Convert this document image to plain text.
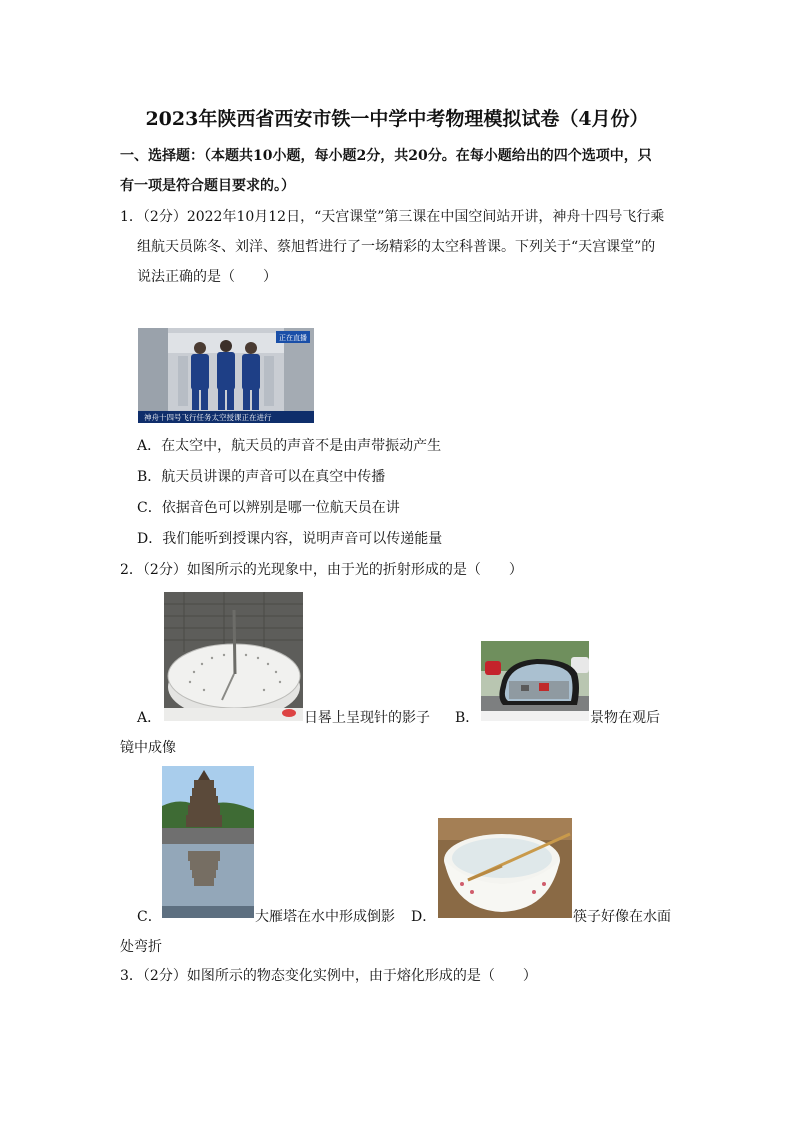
2023年陕西省西安市铁一中学中考物理模拟试卷（4月份）
一、选择题：（本题共10小题，每小题2分，共20分。在每小题给出的四个选项中，只
有一项是符合题目要求的。）
1．（2分）2022年10月12日，“天宫课堂”第三课在中国空间站开讲，神舟十四号飞行乘
组航天员陈冬、刘洋、蔡旭哲进行了一场精彩的太空科普课。下列关于“天宫课堂”的
说法正确的是（　　）
正在直播
神舟十四号飞行任务太空授课正在进行
A．在太空中，航天员的声音不是由声带振动产生
B．航天员讲课的声音可以在真空中传播
C．依据音色可以辨别是哪一位航天员在讲
D．我们能听到授课内容，说明声音可以传递能量
2．（2分）如图所示的光现象中，由于光的折射形成的是（　　）
A．	日晷上呈现针的影子 B．	景物在观后
镜中成像
C．	大雁塔在水中形成倒影 D．	筷子好像在水面
处弯折
3．（2分）如图所示的物态变化实例中，由于熔化形成的是（　　）
